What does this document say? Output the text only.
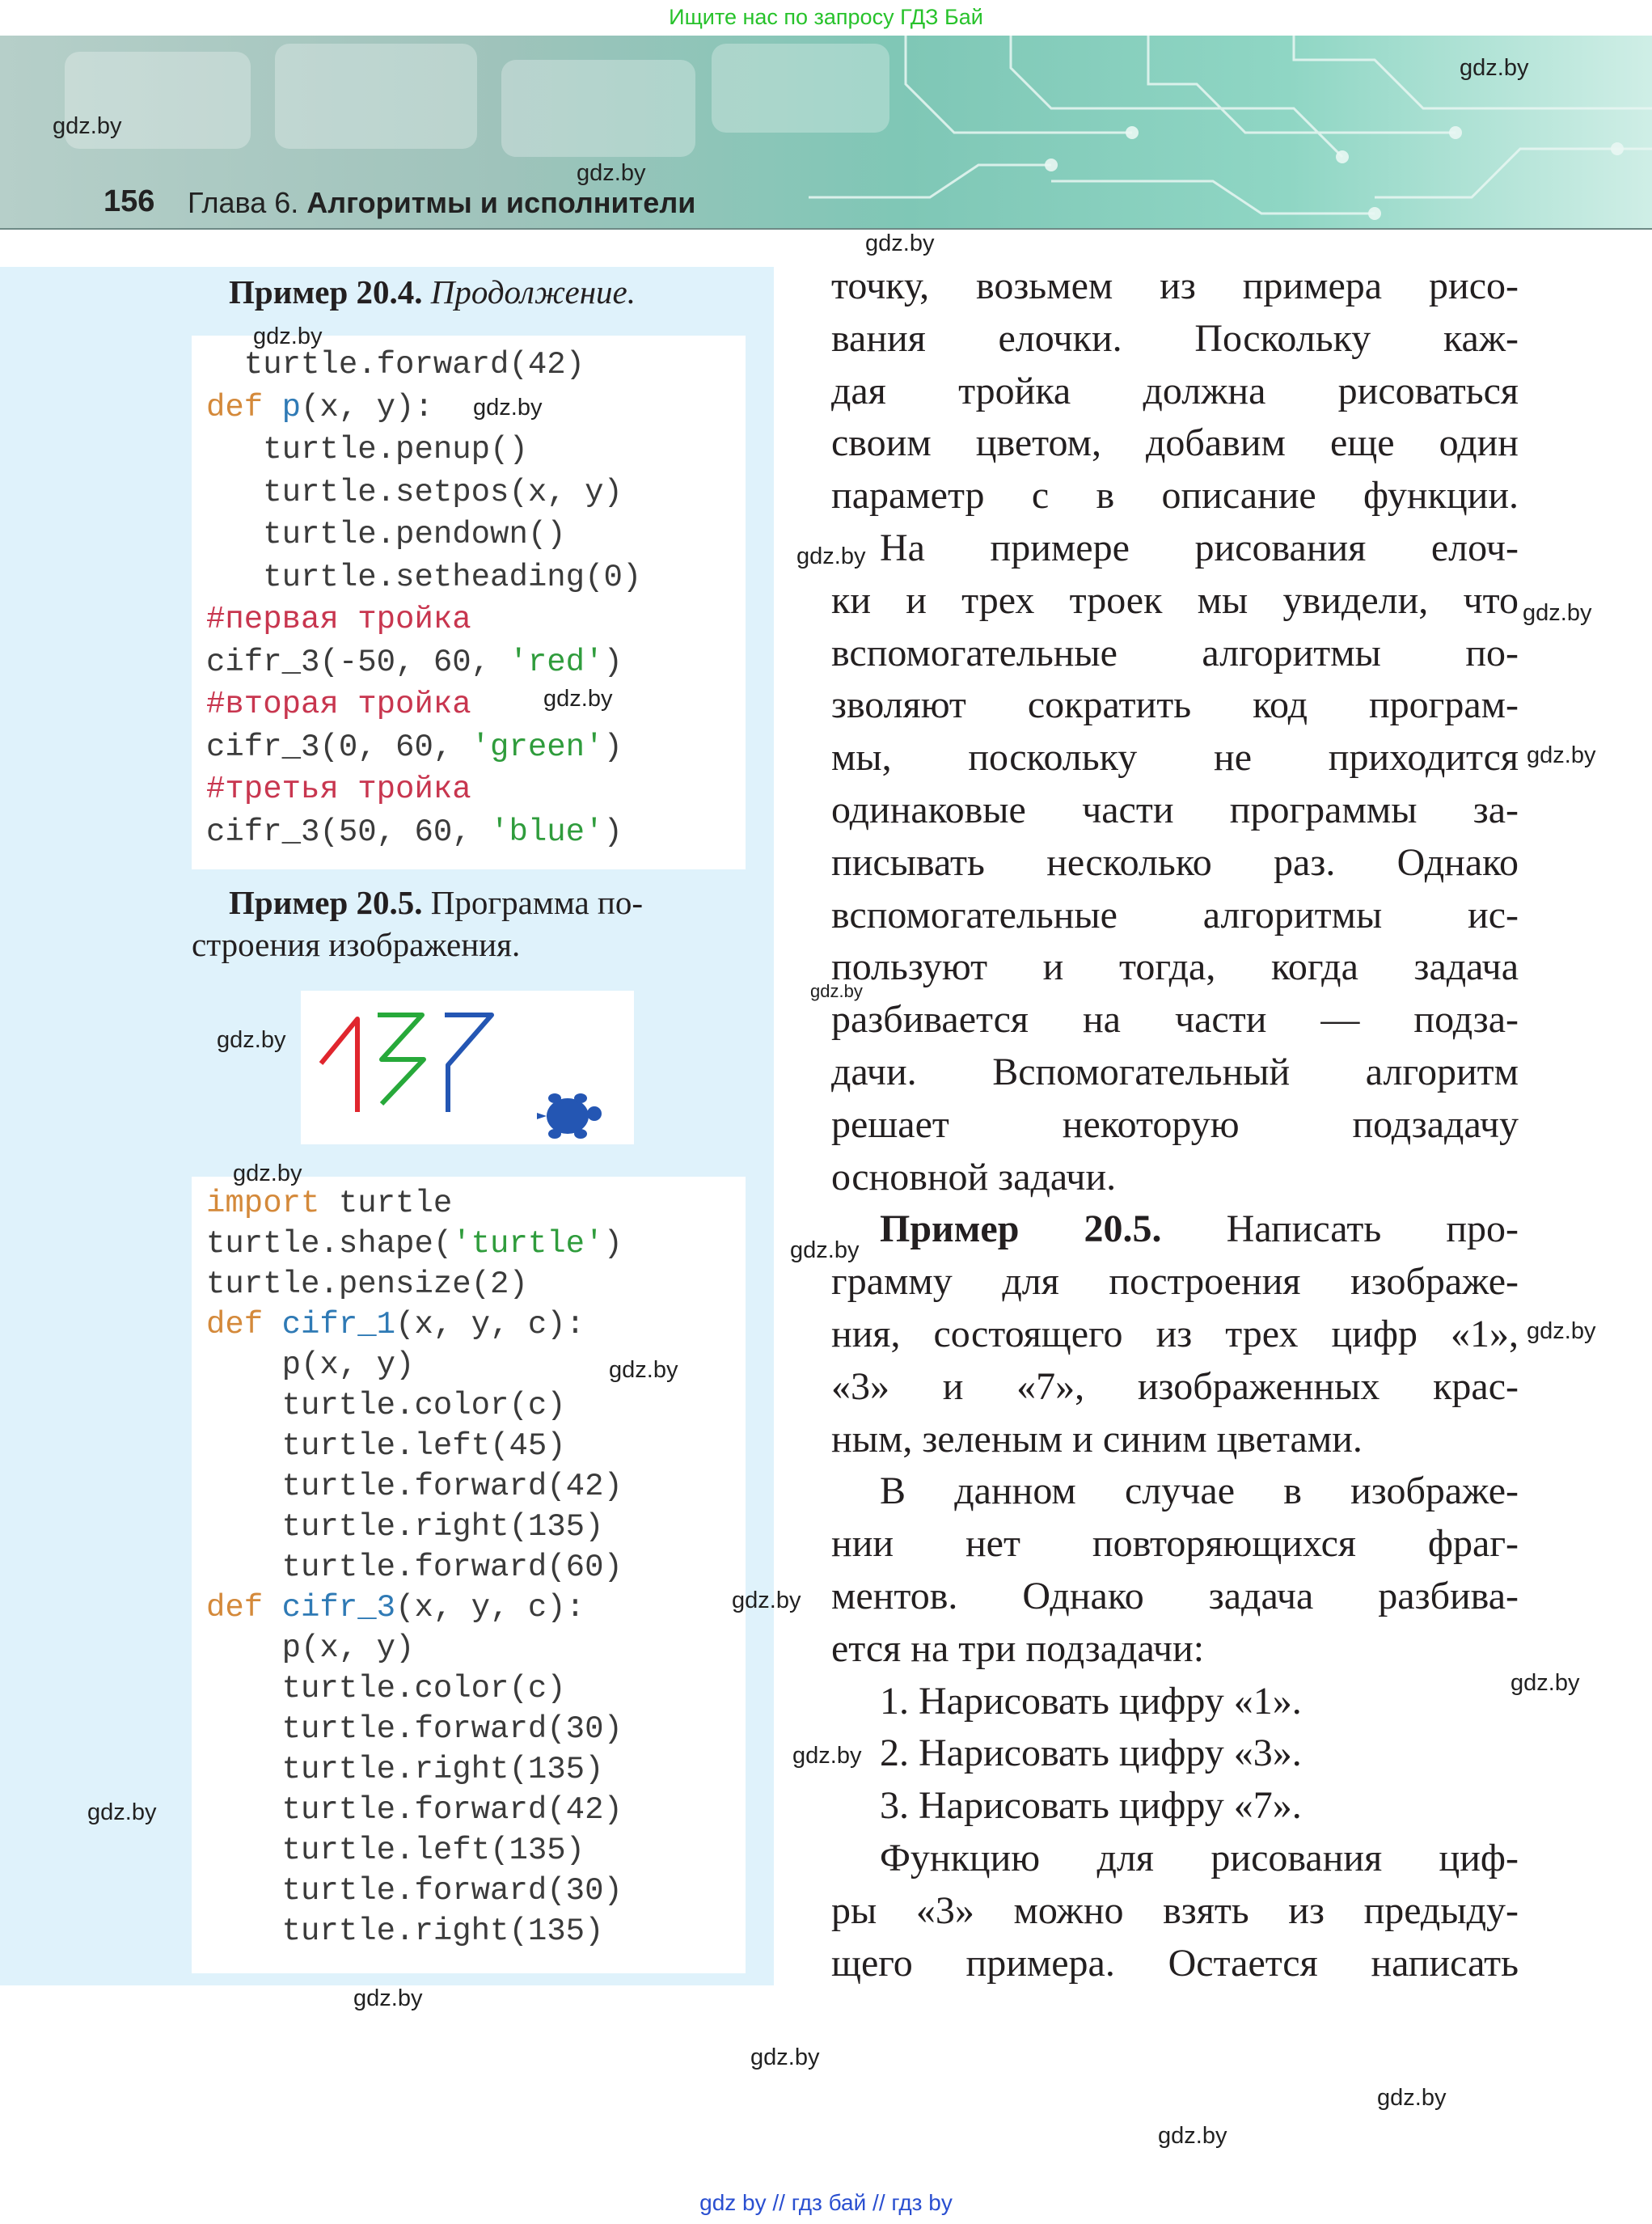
Ищите нас по запросу ГДЗ Бай
156 Глава 6. Алгоритмы и исполнители
Пример 20.4. Продолжение.
turtle.forward(42)
def p(x, y):
turtle.penup()
turtle.setpos(x, y)
turtle.pendown()
turtle.setheading(0)
#первая тройка
cifr_3(-50, 60, 'red')
#вторая тройка
cifr_3(0, 60, 'green')
#третья тройка
cifr_3(50, 60, 'blue')
Пример 20.5. Программа по-
строения изображения.
import turtle
turtle.shape('turtle')
turtle.pensize(2)
def cifr_1(x, y, c):
p(x, y)
turtle.color(c)
turtle.left(45)
turtle.forward(42)
turtle.right(135)
turtle.forward(60)
def cifr_3(x, y, c):
p(x, y)
turtle.color(c)
turtle.forward(30)
turtle.right(135)
turtle.forward(42)
turtle.left(135)
turtle.forward(30)
turtle.right(135)

точку, возьмем из примера рисо-

вания елочки. Поскольку каж-

дая тройка должна рисоваться

своим цветом, добавим еще один

параметр c в описание функции.

На примере рисования елоч-

ки и трех троек мы увидели, что

вспомогательные алгоритмы по-

зволяют сократить код програм-

мы, поскольку не приходится

одинаковые части программы за-

писывать несколько раз. Однако

вспомогательные алгоритмы ис-

пользуют и тогда, когда задача

разбивается на части — подза-

дачи. Вспомогательный алгоритм

решает некоторую подзадачу

основной задачи.

Пример 20.5. Написать про-

грамму для построения изображе-

ния, состоящего из трех цифр «1»,

«3» и «7», изображенных крас-

ным, зеленым и синим цветами.

В данном случае в изображе-

нии нет повторяющихся фраг-

ментов. Однако задача разбива-

ется на три подзадачи:

1. Нарисовать цифру «1».

2. Нарисовать цифру «3».

3. Нарисовать цифру «7».

Функцию для рисования циф-

ры «3» можно взять из предыду-

щего примера. Остается написать

gdz.by
gdz.by
gdz.by
gdz.by
gdz.by
gdz.by
gdz.by
gdz.by
gdz.by
gdz.by
gdz.by
gdz.by
gdz.by
gdz.by
gdz.by
gdz.by
gdz.by
gdz.by
gdz.by
gdz.by
gdz.by
gdz.by
gdz.by
gdz.by
gdz by // гдз бай // гдз by
